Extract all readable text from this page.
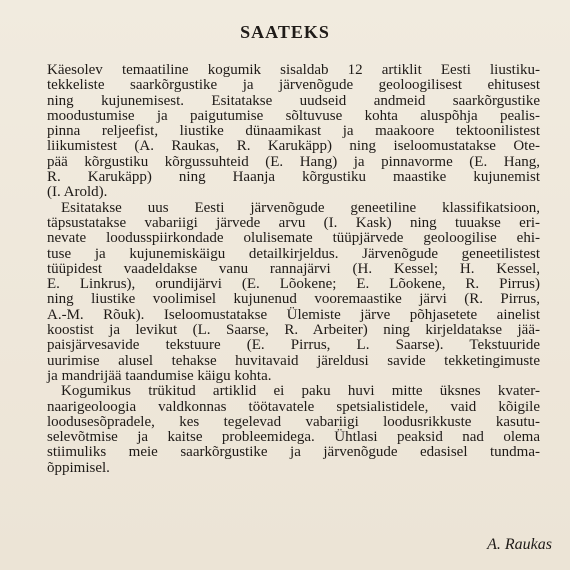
SAATEKS
Käesolev temaatiline kogumik sisaldab 12 artiklit Eesti liustiku-
tekkeliste saarkõrgustike ja järvenõgude geoloogilisest ehitusest
ning kujunemisest. Esitatakse uudseid andmeid saarkõrgustike
moodustumise ja paigutumise sõltuvuse kohta aluspõhja pealis-
pinna reljeefist, liustike dünaamikast ja maakoore tektoonilistest
liikumistest (A. Raukas, R. Karukäpp) ning iseloomustatakse Ote-
pää kõrgustiku kõrgussuhteid (E. Hang) ja pinnavorme (E. Hang,
R. Karukäpp) ning Haanja kõrgustiku maastike kujunemist
(I. Arold).
Esitatakse uus Eesti järvenõgude geneetiline klassifikatsioon,
täpsustatakse vabariigi järvede arvu (I. Kask) ning tuuakse eri-
nevate loodusspiirkondade olulisemate tüüpjärvede geoloogilise ehi-
tuse ja kujunemiskäigu detailkirjeldus. Järvenõgude geneetilistest
tüüpidest vaadeldakse vanu rannajärvi (H. Kessel; H. Kessel,
E. Linkrus), orundijärvi (E. Lõokene; E. Lõokene, R. Pirrus)
ning liustike voolimisel kujunenud vooremaastike järvi (R. Pirrus,
A.-M. Rõuk). Iseloomustatakse Ülemiste järve põhjasetete ainelist
koostist ja levikut (L. Saarse, R. Arbeiter) ning kirjeldatakse jää-
paisjärvesavide tekstuure (E. Pirrus, L. Saarse). Tekstuuride
uurimise alusel tehakse huvitavaid järeldusi savide tekketingimuste
ja mandrijää taandumise käigu kohta.
Kogumikus trükitud artiklid ei paku huvi mitte üksnes kvater-
naarigeoloogia valdkonnas töötavatele spetsialistidele, vaid kõigile
loodusesõpradele, kes tegelevad vabariigi loodusrikkuste kasutu-
selevõtmise ja kaitse probleemidega. Ühtlasi peaksid nad olema
stiimuliks meie saarkõrgustike ja järvenõgude edasisel tundma-
õppimisel.
A. Raukas
